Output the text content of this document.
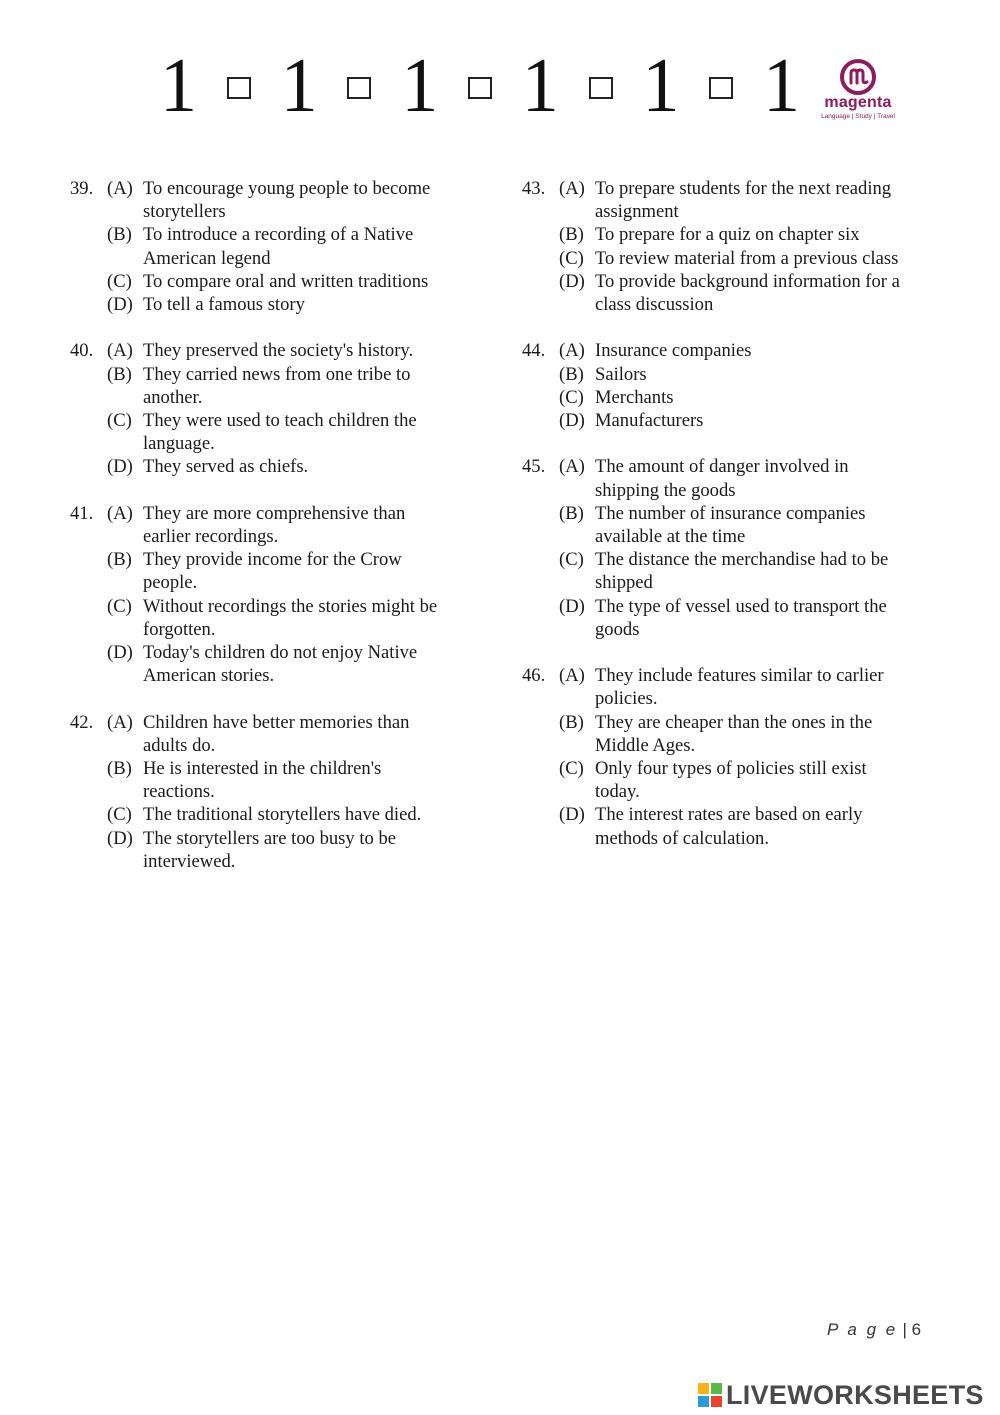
1 1 1 1 1 1	magenta
Language | Study | Travel
39. (A) To encourage young people to become
storytellers
(B) To introduce a recording of a Native
American legend
(C) To compare oral and written traditions
(D) To tell a famous story
40. (A) They preserved the society's history.
(B) They carried news from one tribe to
another.
(C) They were used to teach children the
language.
(D) They served as chiefs.
41. (A) They are more comprehensive than
earlier recordings.
(B) They provide income for the Crow
people.
(C) Without recordings the stories might be
forgotten.
(D) Today's children do not enjoy Native
American stories.
42. (A) Children have better memories than
adults do.
(B) He is interested in the children's
reactions.
(C) The traditional storytellers have died.
(D) The storytellers are too busy to be
interviewed.
43. (A) To prepare students for the next reading
assignment
(B) To prepare for a quiz on chapter six
(C) To review material from a previous class
(D) To provide background information for a
class discussion
44. (A) Insurance companies
(B) Sailors
(C) Merchants
(D) Manufacturers
45. (A) The amount of danger involved in
shipping the goods
(B) The number of insurance companies
available at the time
(C) The distance the merchandise had to be
shipped
(D) The type of vessel used to transport the
goods
46. (A) They include features similar to carlier
policies.
(B) They are cheaper than the ones in the
Middle Ages.
(C) Only four types of policies still exist
today.
(D) The interest rates are based on early
methods of calculation.
P a g e | 6
LIVEWORKSHEETS
